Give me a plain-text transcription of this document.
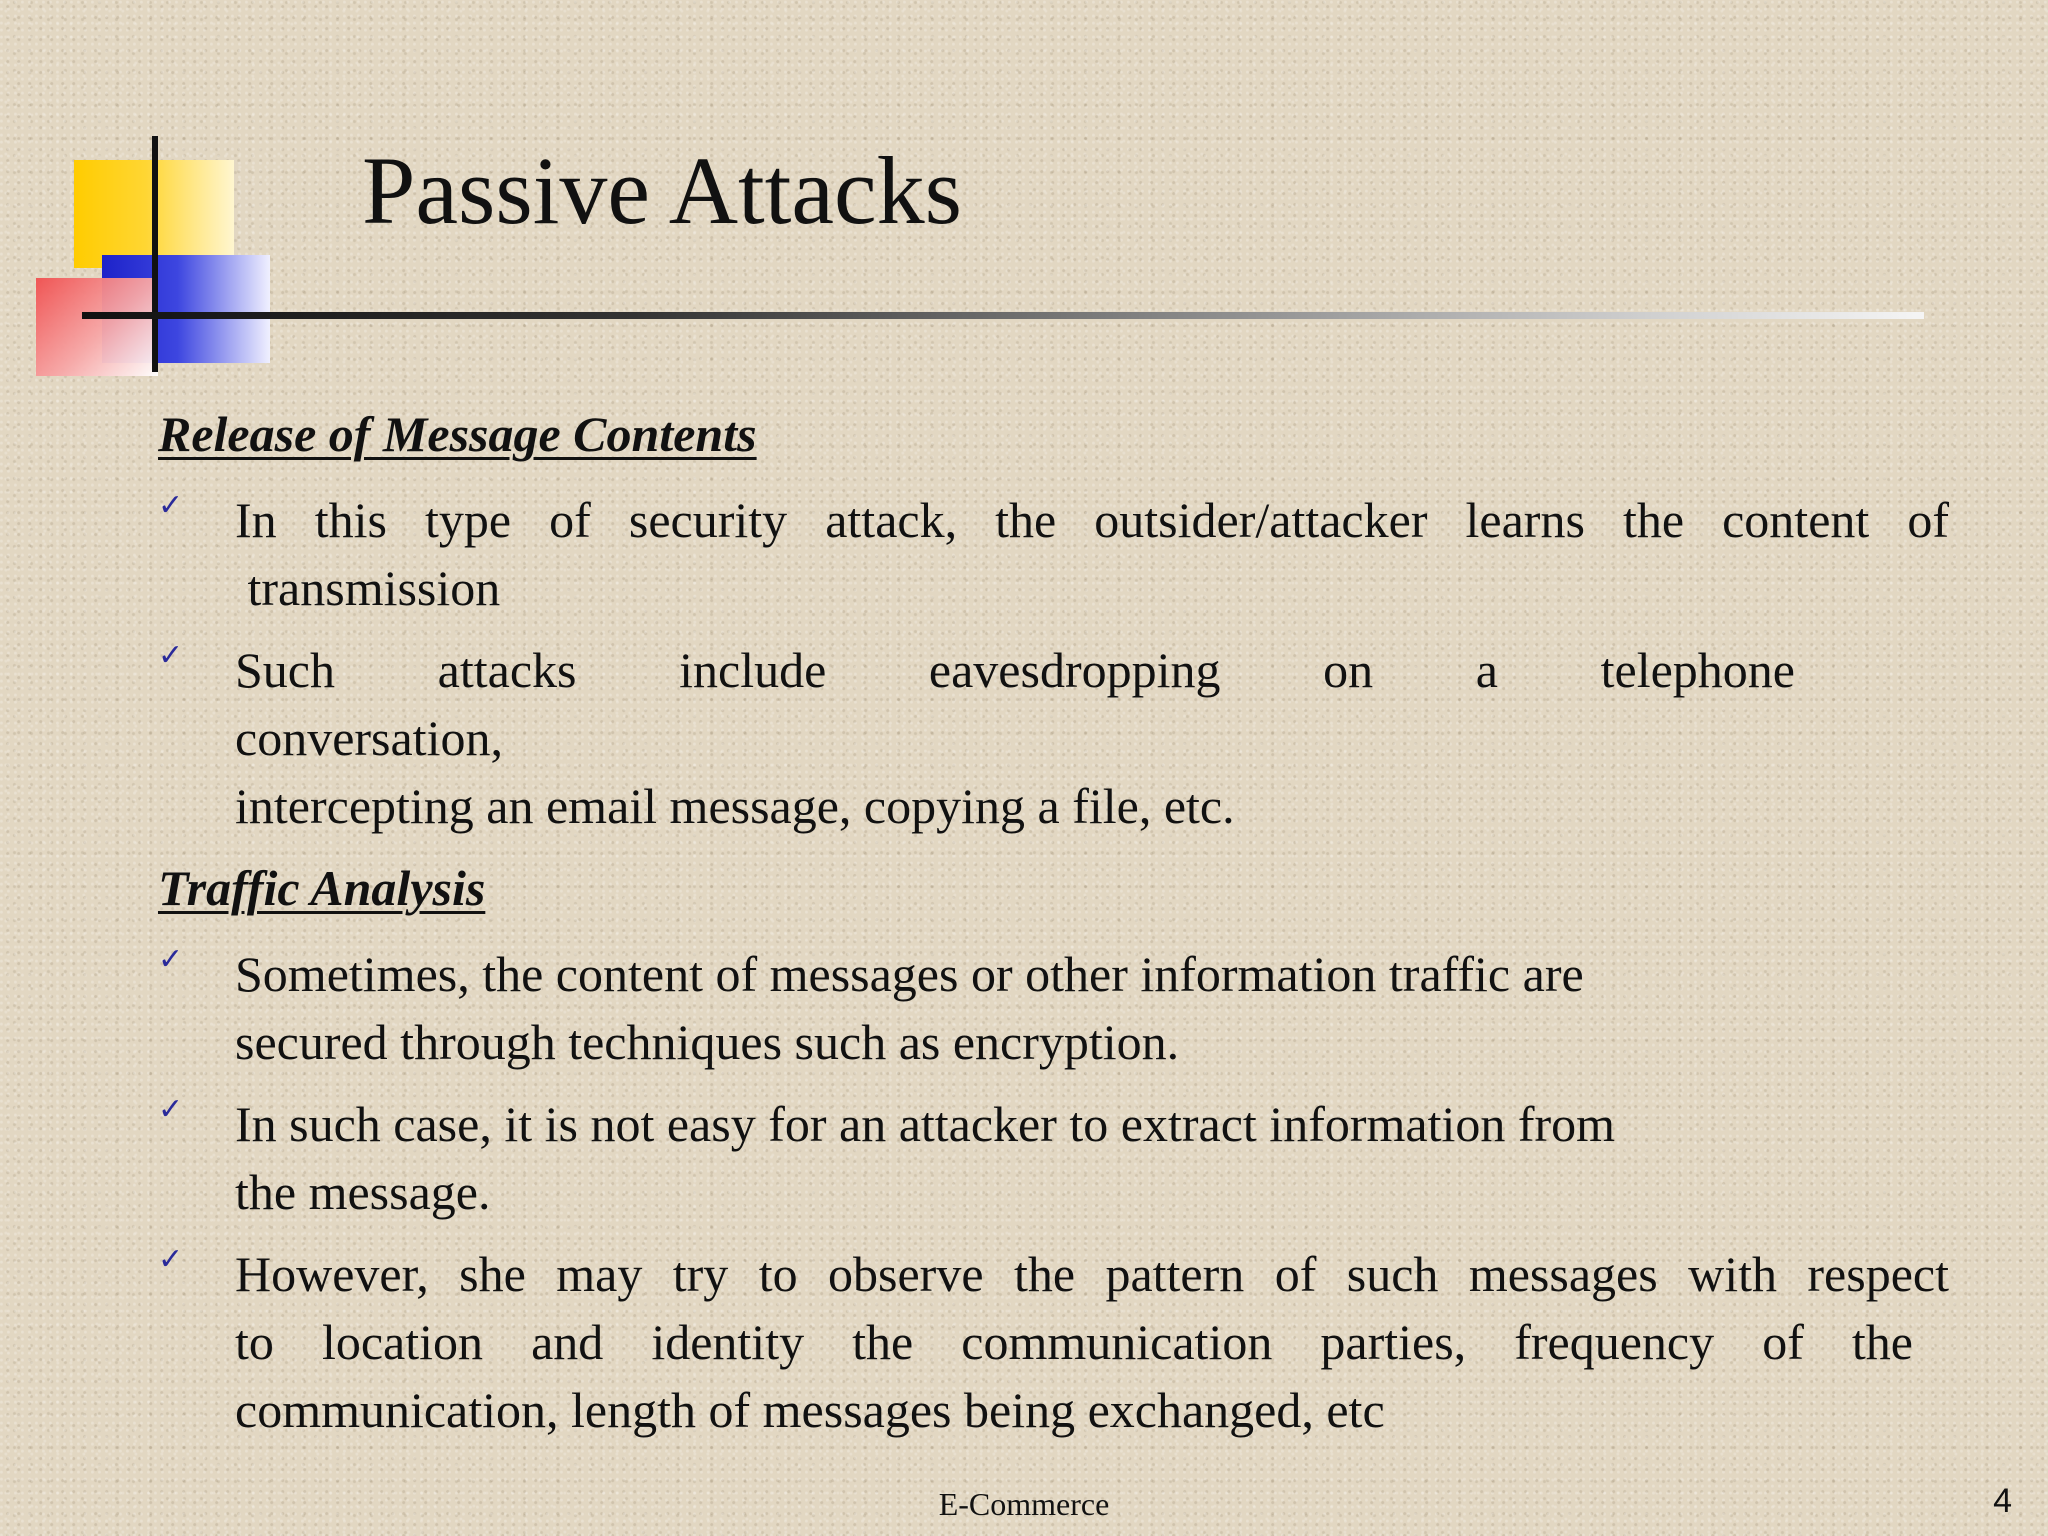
Passive Attacks
Release of Message Contents
✓ In this type of security attack, the outsider/attacker learns the content of
transmission
✓ Such attacks include eavesdropping on a telephone
conversation,
intercepting an email message, copying a file, etc.
Traffic Analysis
✓ Sometimes, the content of messages or other information traffic are
secured through techniques such as encryption.
✓ In such case, it is not easy for an attacker to extract information from
the message.
✓ However, she may try to observe the pattern of such messages with respect
to location and identity the communication parties, frequency of the
communication, length of messages being exchanged, etc
E-Commerce	4
